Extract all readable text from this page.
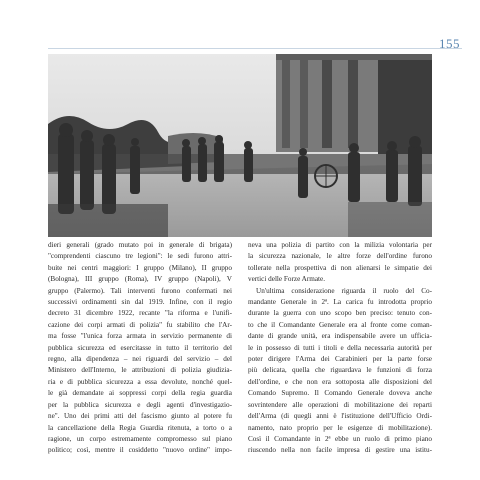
155
dieri generali (grado mutato poi in generale di brigata)
"comprendenti ciascuno tre legioni": le sedi furono attri-
buite nei centri maggiori: I gruppo (Milano), II gruppo
(Bologna), III gruppo (Roma), IV gruppo (Napoli), V
gruppo (Palermo). Tali interventi furono confermati nei
successivi ordinamenti sin dal 1919. Infine, con il regio
decreto 31 dicembre 1922, recante "la riforma e l'unifi-
cazione dei corpi armati di polizia" fu stabilito che l'Ar-
ma fosse "l'unica forza armata in servizio permanente di
pubblica sicurezza ed esercitasse in tutto il territorio del
regno, alla dipendenza – nei riguardi del servizio – del
Ministero dell'Interno, le attribuzioni di polizia giudizia-
ria e di pubblica sicurezza a essa devolute, nonché quel-
le già demandate ai soppressi corpi della regia guardia
per la pubblica sicurezza e degli agenti d'investigazio-
ne". Uno dei primi atti del fascismo giunto al potere fu
la cancellazione della Regia Guardia ritenuta, a torto o a
ragione, un corpo estremamente compromesso sul piano
politico; così, mentre il cosiddetto "nuovo ordine" impo-
neva una polizia di partito con la milizia volontaria per
la sicurezza nazionale, le altre forze dell'ordine furono
tollerate nella prospettiva di non alienarsi le simpatie dei
vertici delle Forze Armate.
Un'ultima considerazione riguarda il ruolo del Co-
mandante Generale in 2ª. La carica fu introdotta proprio
durante la guerra con uno scopo ben preciso: tenuto con-
to che il Comandante Generale era al fronte come coman-
dante di grande unità, era indispensabile avere un ufficia-
le in possesso di tutti i titoli e della necessaria autorità per
poter dirigere l'Arma dei Carabinieri per la parte forse
più delicata, quella che riguardava le funzioni di forza
dell'ordine, e che non era sottoposta alle disposizioni del
Comando Supremo. Il Comando Generale doveva anche
sovrintendere alle operazioni di mobilitazione dei reparti
dell'Arma (di quegli anni è l'istituzione dell'Ufficio Ordi-
namento, nato proprio per le esigenze di mobilitazione).
Così il Comandante in 2ª ebbe un ruolo di primo piano
riuscendo nella non facile impresa di gestire una istitu-
